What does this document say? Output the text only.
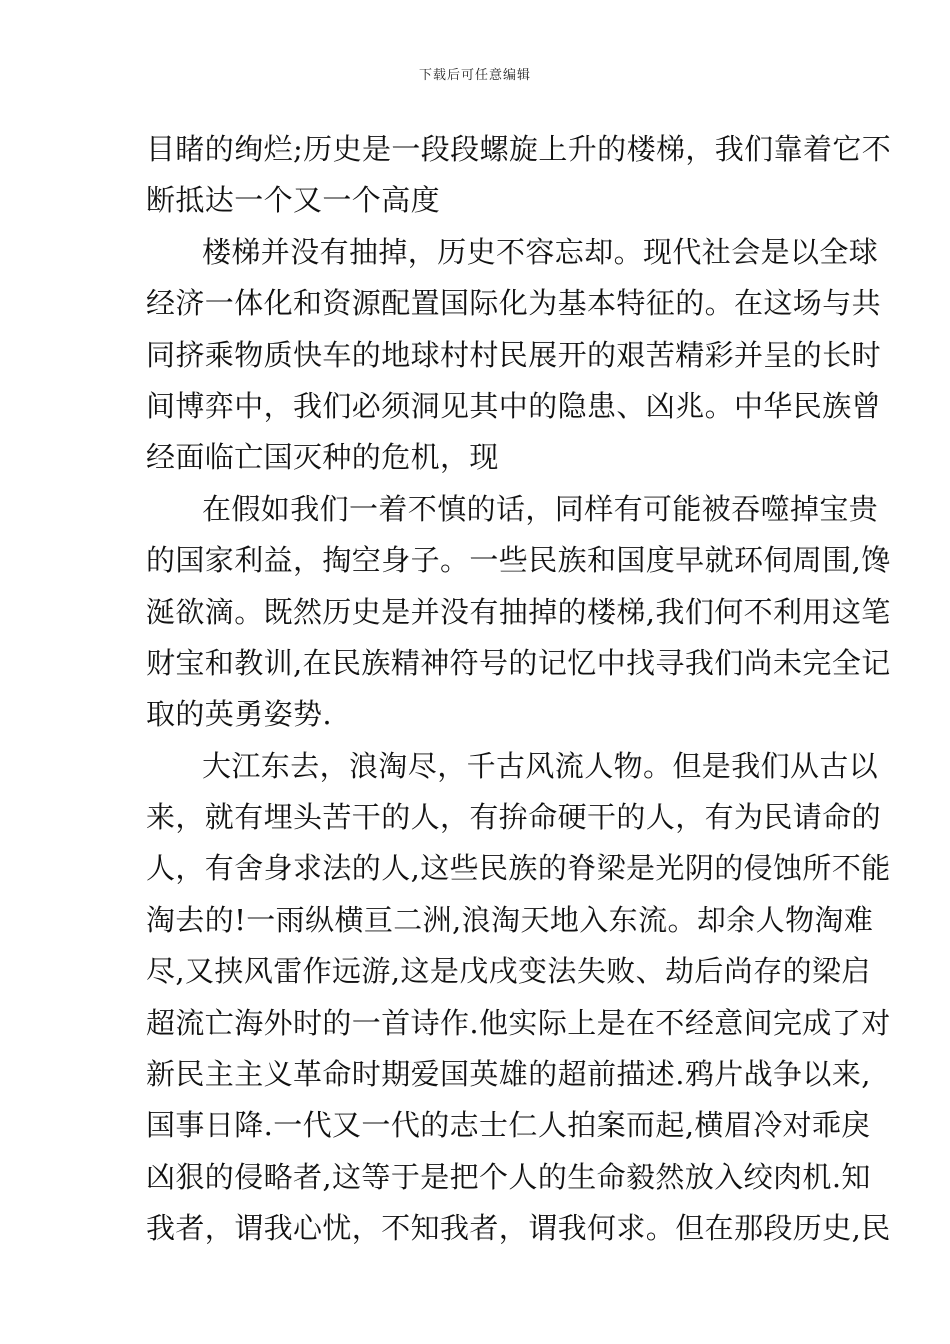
下载后可任意编辑
目睹的绚烂;历史是一段段螺旋上升的楼梯，我们靠着它不
断抵达一个又一个高度
楼梯并没有抽掉，历史不容忘却。现代社会是以全球
经济一体化和资源配置国际化为基本特征的。在这场与共
同挤乘物质快车的地球村村民展开的艰苦精彩并呈的长时
间博弈中，我们必须洞见其中的隐患、凶兆。中华民族曾
经面临亡国灭种的危机，现
在假如我们一着不慎的话，同样有可能被吞噬掉宝贵
的国家利益，掏空身子。一些民族和国度早就环伺周围,馋
涎欲滴。既然历史是并没有抽掉的楼梯,我们何不利用这笔
财宝和教训,在民族精神符号的记忆中找寻我们尚未完全记
取的英勇姿势.
大江东去，浪淘尽，千古风流人物。但是我们从古以
来，就有埋头苦干的人，有拚命硬干的人，有为民请命的
人，有舍身求法的人,这些民族的脊梁是光阴的侵蚀所不能
淘去的!一雨纵横亘二洲,浪淘天地入东流。却余人物淘难
尽,又挟风雷作远游,这是戊戌变法失败、劫后尚存的梁启
超流亡海外时的一首诗作.他实际上是在不经意间完成了对
新民主主义革命时期爱国英雄的超前描述.鸦片战争以来,
国事日降.一代又一代的志士仁人拍案而起,横眉冷对乖戾
凶狠的侵略者,这等于是把个人的生命毅然放入绞肉机.知
我者，谓我心忧，不知我者，谓我何求。但在那段历史,民
